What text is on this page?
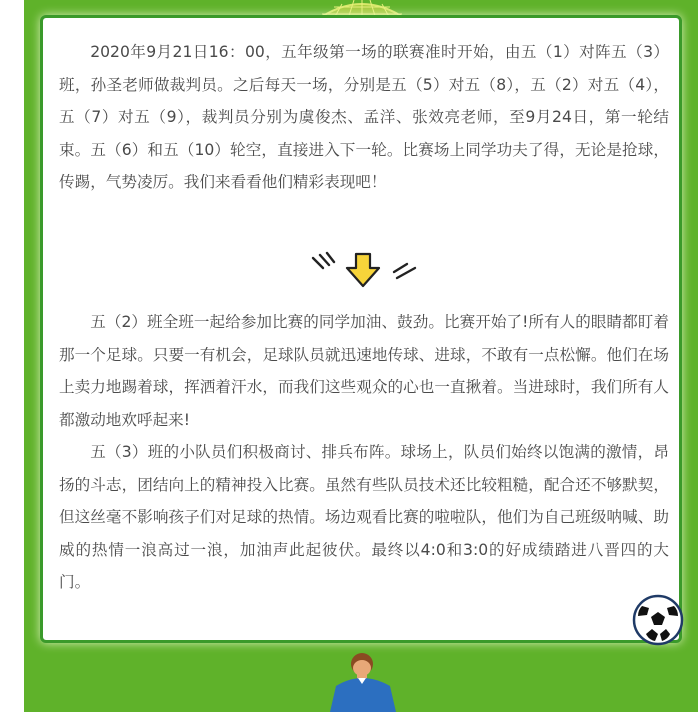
2020年9月21日16：00，五年级第一场的联赛准时开始，由五（1）对阵五（3）班，孙圣老师做裁判员。之后每天一场，分别是五（5）对五（8），五（2）对五（4），五（7）对五（9），裁判员分别为虞俊杰、孟洋、张效亮老师，至9月24日，第一轮结束。五（6）和五（10）轮空，直接进入下一轮。比赛场上同学功夫了得，无论是抢球，传踢，气势凌厉。我们来看看他们精彩表现吧！

五（2）班全班一起给参加比赛的同学加油、鼓劲。比赛开始了!所有人的眼睛都盯着那一个足球。只要一有机会，足球队员就迅速地传球、进球，不敢有一点松懈。他们在场上卖力地踢着球，挥洒着汗水，而我们这些观众的心也一直揪着。当进球时，我们所有人都激动地欢呼起来!

五（3）班的小队员们积极商讨、排兵布阵。球场上，队员们始终以饱满的激情，昂扬的斗志，团结向上的精神投入比赛。虽然有些队员技术还比较粗糙，配合还不够默契，但这丝毫不影响孩子们对足球的热情。场边观看比赛的啦啦队，他们为自己班级呐喊、助威的热情一浪高过一浪，加油声此起彼伏。最终以4:0和3:0的好成绩踏进八晋四的大门。
